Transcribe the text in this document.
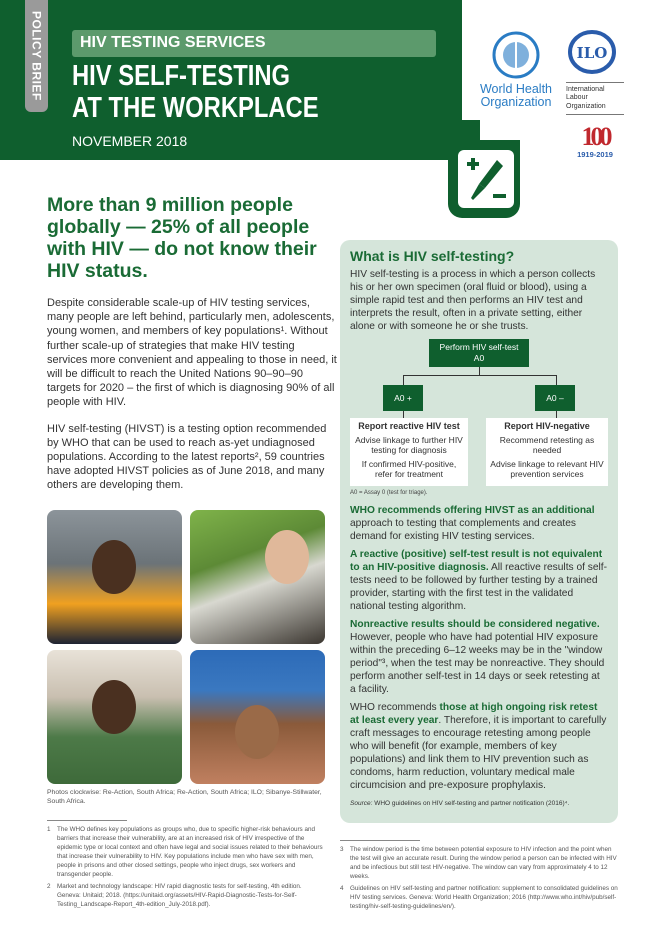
POLICY BRIEF	HIV TESTING SERVICES
HIV SELF-TESTING
AT THE WORKPLACE
NOVEMBER 2018
World Health
Organization
ILO
International
Labour
Organization
100
1919-2019
More than 9 million people globally — 25% of all people with HIV — do not know their HIV status.

Despite considerable scale-up of HIV testing services, many people are left behind, particularly men, adolescents, young women, and members of key populations¹. Without further scale-up of strategies that make HIV testing services more convenient and appealing to those in need, it will be difficult to reach the United Nations 90–90–90 targets for 2020 – the first of which is diagnosing 90% of all people with HIV.

HIV self-testing (HIVST) is a testing option recommended by WHO that can be used to reach as-yet undiagnosed populations. According to the latest reports², 59 countries have adopted HIVST policies as of June 2018, and many others are developing them.

Photos clockwise: Re-Action, South Africa; Re-Action, South Africa; ILO; Sibanye-Stillwater, South Africa.
What is HIV self-testing?

HIV self-testing is a process in which a person collects his or her own specimen (oral fluid or blood), using a simple rapid test and then performs an HIV test and interprets the result, often in a private setting, either alone or with someone he or she trusts.

Perform HIV self-test
A0
A0 +	A0 –
Report reactive HIV test
Advise linkage to further HIV testing for diagnosis
If confirmed HIV-positive, refer for treatment
Report HIV-negative
Recommend retesting as needed
Advise linkage to relevant HIV prevention services
A0 = Assay 0 (test for triage).

WHO recommends offering HIVST as an additional approach to testing that complements and creates demand for existing HIV testing services.

A reactive (positive) self-test result is not equivalent to an HIV-positive diagnosis. All reactive results of self-tests need to be followed by further testing by a trained provider, starting with the first test in the validated national testing algorithm.

Nonreactive results should be considered negative. However, people who have had potential HIV exposure within the preceding 6–12 weeks may be in the "window period"³, when the test may be nonreactive. They should perform another self-test in 14 days or seek retesting at a facility.

WHO recommends those at high ongoing risk retest at least every year. Therefore, it is important to carefully craft messages to encourage retesting among people who will benefit (for example, members of key populations) and link them to HIV prevention such as condoms, harm reduction, voluntary medical male circumcision and pre-exposure prophylaxis.

Source: WHO guidelines on HIV self-testing and partner notification (2016)⁴.

1	The WHO defines key populations as groups who, due to specific higher-risk behaviours and barriers that increase their vulnerability, are at an increased risk of HIV irrespective of the epidemic type or local context and often have legal and social issues related to their behaviours that increase their vulnerability to HIV. Key populations include men who have sex with men, people in prisons and other closed settings, people who inject drugs, sex workers and transgender people.
2	Market and technology landscape: HIV rapid diagnostic tests for self-testing, 4th edition. Geneva: Unitaid; 2018. (https://unitaid.org/assets/HIV-Rapid-Diagnostic-Tests-for-Self-Testing_Landscape-Report_4th-edition_July-2018.pdf).
3	The window period is the time between potential exposure to HIV infection and the point when the test will give an accurate result. During the window period a person can be infected with HIV and be infectious but still test HIV-negative. The window can vary from approximately 4 to 12 weeks.
4	Guidelines on HIV self-testing and partner notification: supplement to consolidated guidelines on HIV testing services. Geneva: World Health Organization; 2016 (http://www.who.int/hiv/pub/self-testing/hiv-self-testing-guidelines/en/).
